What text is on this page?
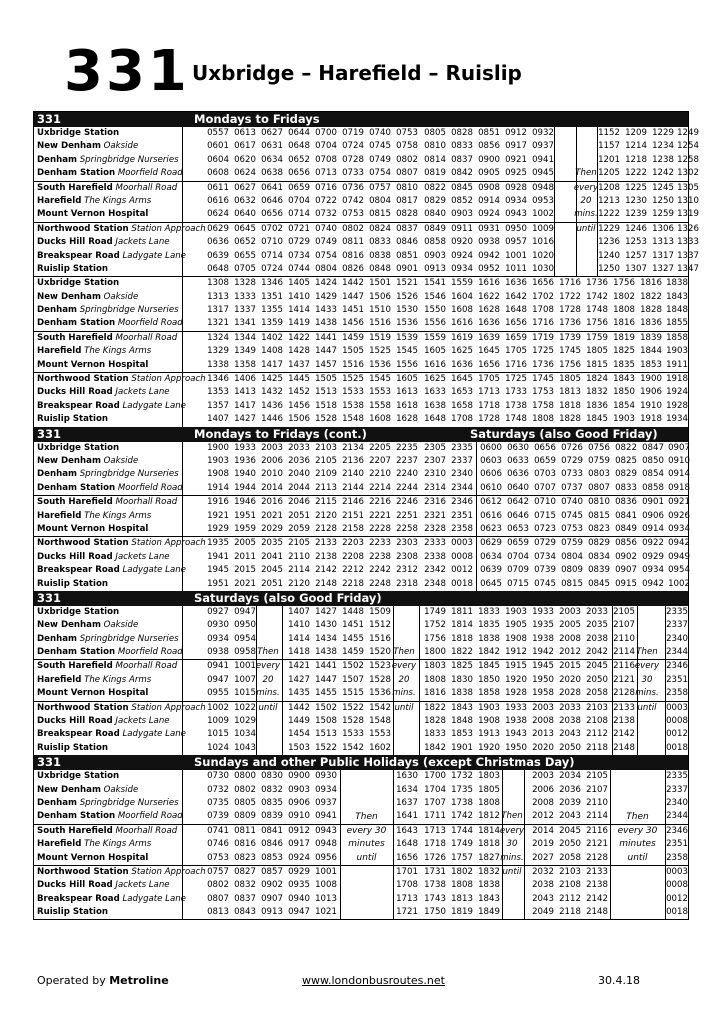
331 Uxbridge – Harefield – Ruislip
331	Mondays to Fridays
Uxbridge Station	0557 0613 0627 0644 0700 0719 0740 0753 0805 0828 0851 0912 0932	1152 1209 1229 1249
New Denham Oakside	0601 0617 0631 0648 0704 0724 0745 0758 0810 0833 0856 0917 0937	1157 1214 1234 1254
Denham Springbridge Nurseries	0604 0620 0634 0652 0708 0728 0749 0802 0814 0837 0900 0921 0941	1201 1218 1238 1258
Denham Station Moorfield Road	0608 0624 0638 0656 0713 0733 0754 0807 0819 0842 0905 0925 0945	Then 1205 1222 1242 1302
South Harefield Moorhall Road	0611 0627 0641 0659 0716 0736 0757 0810 0822 0845 0908 0928 0948	every 1208 1225 1245 1305
Harefield The Kings Arms	0616 0632 0646 0704 0722 0742 0804 0817 0829 0852 0914 0934 0953	20 1213 1230 1250 1310
Mount Vernon Hospital	0624 0640 0656 0714 0732 0753 0815 0828 0840 0903 0924 0943 1002	mins. 1222 1239 1259 1319
Northwood Station Station Approach 0629 0645 0702 0721 0740 0802 0824 0837 0849 0911 0931 0950 1009	until 1229 1246 1306 1326
Ducks Hill Road Jackets Lane	0636 0652 0710 0729 0749 0811 0833 0846 0858 0920 0938 0957 1016	1236 1253 1313 1333
Breakspear Road Ladygate Lane 0639 0655 0714 0734 0754 0816 0838 0851 0903 0924 0942 1001 1020	1240 1257 1317 1337
Ruislip Station	0648 0705 0724 0744 0804 0826 0848 0901 0913 0934 0952 1011 1030	1250 1307 1327 1347
Uxbridge Station	1308 1328 1346 1405 1424 1442 1501 1521 1541 1559 1616 1636 1656 1716 1736 1756 1816 1838
New Denham Oakside	1313 1333 1351 1410 1429 1447 1506 1526 1546 1604 1622 1642 1702 1722 1742 1802 1822 1843
Denham Springbridge Nurseries	1317 1337 1355 1414 1433 1451 1510 1530 1550 1608 1628 1648 1708 1728 1748 1808 1828 1848
Denham Station Moorfield Road	1321 1341 1359 1419 1438 1456 1516 1536 1556 1616 1636 1656 1716 1736 1756 1816 1836 1855
South Harefield Moorhall Road	1324 1344 1402 1422 1441 1459 1519 1539 1559 1619 1639 1659 1719 1739 1759 1819 1839 1858
Harefield The Kings Arms	1329 1349 1408 1428 1447 1505 1525 1545 1605 1625 1645 1705 1725 1745 1805 1825 1844 1903
Mount Vernon Hospital	1338 1358 1417 1437 1457 1516 1536 1556 1616 1636 1656 1716 1736 1756 1815 1835 1853 1911
Northwood Station Station Approach 1346 1406 1425 1445 1505 1525 1545 1605 1625 1645 1705 1725 1745 1805 1824 1843 1900 1918
Ducks Hill Road Jackets Lane	1353 1413 1432 1452 1513 1533 1553 1613 1633 1653 1713 1733 1753 1813 1832 1850 1906 1924
Breakspear Road Ladygate Lane 1357 1417 1436 1456 1518 1538 1558 1618 1638 1658 1718 1738 1758 1818 1836 1854 1910 1928
Ruislip Station	1407 1427 1446 1506 1528 1548 1608 1628 1648 1708 1728 1748 1808 1828 1845 1903 1918 1934
331	Mondays to Fridays (cont.)	Saturdays (also Good Friday)
Uxbridge Station	1900 1933 2003 2033 2103 2134 2205 2235 2305 2335 0600 0630 0656 0726 0756 0822 0847 0907
New Denham Oakside	1903 1936 2006 2036 2105 2136 2207 2237 2307 2337 0603 0633 0659 0729 0759 0825 0850 0910
Denham Springbridge Nurseries	1908 1940 2010 2040 2109 2140 2210 2240 2310 2340 0606 0636 0703 0733 0803 0829 0854 0914
Denham Station Moorfield Road	1914 1944 2014 2044 2113 2144 2214 2244 2314 2344 0610 0640 0707 0737 0807 0833 0858 0918
South Harefield Moorhall Road	1916 1946 2016 2046 2115 2146 2216 2246 2316 2346 0612 0642 0710 0740 0810 0836 0901 0921
Harefield The Kings Arms	1921 1951 2021 2051 2120 2151 2221 2251 2321 2351 0616 0646 0715 0745 0815 0841 0906 0926
Mount Vernon Hospital	1929 1959 2029 2059 2128 2158 2228 2258 2328 2358 0623 0653 0723 0753 0823 0849 0914 0934
Northwood Station Station Approach 1935 2005 2035 2105 2133 2203 2233 2303 2333 0003 0629 0659 0729 0759 0829 0856 0922 0942
Ducks Hill Road Jackets Lane	1941 2011 2041 2110 2138 2208 2238 2308 2338 0008 0634 0704 0734 0804 0834 0902 0929 0949
Breakspear Road Ladygate Lane 1945 2015 2045 2114 2142 2212 2242 2312 2342 0012 0639 0709 0739 0809 0839 0907 0934 0954
Ruislip Station	1951 2021 2051 2120 2148 2218 2248 2318 2348 0018 0645 0715 0745 0815 0845 0915 0942 1002
331	Saturdays (also Good Friday)
Uxbridge Station	0927 0947	1407 1427 1448 1509	1749 1811 1833 1903 1933 2003 2033 2105	2335
New Denham Oakside	0930 0950	1410 1430 1451 1512	1752 1814 1835 1905 1935 2005 2035 2107	2337
Denham Springbridge Nurseries	0934 0954	1414 1434 1455 1516	1756 1818 1838 1908 1938 2008 2038 2110	2340
Denham Station Moorfield Road	0938 0958 Then	1418 1438 1459 1520 Then	1800 1822 1842 1912 1942 2012 2042 2114 Then 2344
South Harefield Moorhall Road	0941 1001 every 1421 1441 1502 1523 every 1803 1825 1845 1915 1945 2015 2045 2116 every 2346
Harefield The Kings Arms	0947 1007 20	1427 1447 1507 1528 20	1808 1830 1850 1920 1950 2020 2050 2121 30	2351
Mount Vernon Hospital	0955 1015 mins. 1435 1455 1515 1536 mins. 1816 1838 1858 1928 1958 2028 2058 2128 mins. 2358
Northwood Station Station Approach 1002 1022 until	1442 1502 1522 1542 until	1822 1843 1903 1933 2003 2033 2103 2133 until	0003
Ducks Hill Road Jackets Lane	1009 1029	1449 1508 1528 1548	1828 1848 1908 1938 2008 2038 2108 2138	0008
Breakspear Road Ladygate Lane 1015 1034	1454 1513 1533 1553	1833 1853 1913 1943 2013 2043 2112 2142	0012
Ruislip Station	1024 1043	1503 1522 1542 1602	1842 1901 1920 1950 2020 2050 2118 2148	0018
331	Sundays and other Public Holidays (except Christmas Day)
Uxbridge Station	0730 0800 0830 0900 0930	1630 1700 1732 1803	2003 2034 2105	2335
New Denham Oakside	0732 0802 0832 0903 0934	1634 1704 1735 1805	2006 2036 2107	2337
Denham Springbridge Nurseries	0735 0805 0835 0906 0937	1637 1707 1738 1808	2008 2039 2110	2340
Denham Station Moorfield Road	0739 0809 0839 0910 0941	1641 1711 1742 1812 Then	2012 2043 2114	2344
South Harefield Moorhall Road	0741 0811 0841 0912 0943	1643 1713 1744 1814 every 2014 2045 2116	2346
Harefield The Kings Arms	0746 0816 0846 0917 0948	1648 1718 1749 1818 30	2019 2050 2121	2351
Mount Vernon Hospital	0753 0823 0853 0924 0956	1656 1726 1757 1827 mins. 2027 2058 2128	2358
Northwood Station Station Approach 0757 0827 0857 0929 1001	1701 1731 1802 1832 until	2032 2103 2133	0003
Ducks Hill Road Jackets Lane	0802 0832 0902 0935 1008	1708 1738 1808 1838	2038 2108 2138	0008
Breakspear Road Ladygate Lane 0807 0837 0907 0940 1013	1713 1743 1813 1843	2043 2112 2142	0012
Ruislip Station	0813 0843 0913 0947 1021	1721 1750 1819 1849	2049 2118 2148	0018
Then
every 30
minutes
until
Then
every 30
minutes
until
Operated by Metroline	www.londonbusroutes.net	30.4.18
